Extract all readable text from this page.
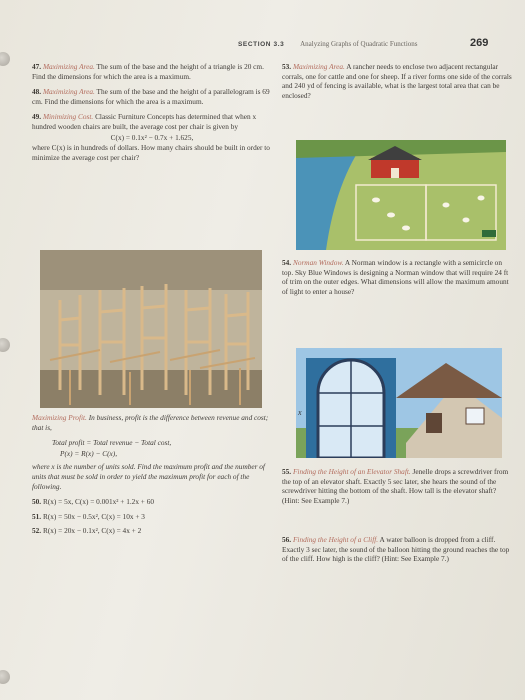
SECTION 3.3 Analyzing Graphs of Quadratic Functions	269

47. Maximizing Area. The sum of the base and the height of a triangle is 20 cm. Find the dimensions for which the area is a maximum.

48. Maximizing Area. The sum of the base and the height of a parallelogram is 69 cm. Find the dimensions for which the area is a maximum.

49. Minimizing Cost. Classic Furniture Concepts has determined that when x hundred wooden chairs are built, the average cost per chair is given by
C(x) = 0.1x² − 0.7x + 1.625,
where C(x) is in hundreds of dollars. How many chairs should be built in order to minimize the average cost per chair?

Maximizing Profit. In business, profit is the difference between revenue and cost; that is,

Total profit = Total revenue − Total cost,
P(x) = R(x) − C(x),

where x is the number of units sold. Find the maximum profit and the number of units that must be sold in order to yield the maximum profit for each of the following.

50. R(x) = 5x, C(x) = 0.001x² + 1.2x + 60

51. R(x) = 50x − 0.5x², C(x) = 10x + 3

52. R(x) = 20x − 0.1x², C(x) = 4x + 2

53. Maximizing Area. A rancher needs to enclose two adjacent rectangular corrals, one for cattle and one for sheep. If a river forms one side of the corrals and 240 yd of fencing is available, what is the largest total area that can be enclosed?
54. Norman Window. A Norman window is a rectangle with a semicircle on top. Sky Blue Windows is designing a Norman window that will require 24 ft of trim on the outer edges. What dimensions will allow the maximum amount of light to enter a house?
x
55. Finding the Height of an Elevator Shaft. Jenelle drops a screwdriver from the top of an elevator shaft. Exactly 5 sec later, she hears the sound of the screwdriver hitting the bottom of the shaft. How tall is the elevator shaft? (Hint: See Example 7.)
56. Finding the Height of a Cliff. A water balloon is dropped from a cliff. Exactly 3 sec later, the sound of the balloon hitting the ground reaches the top of the cliff. How high is the cliff? (Hint: See Example 7.)
